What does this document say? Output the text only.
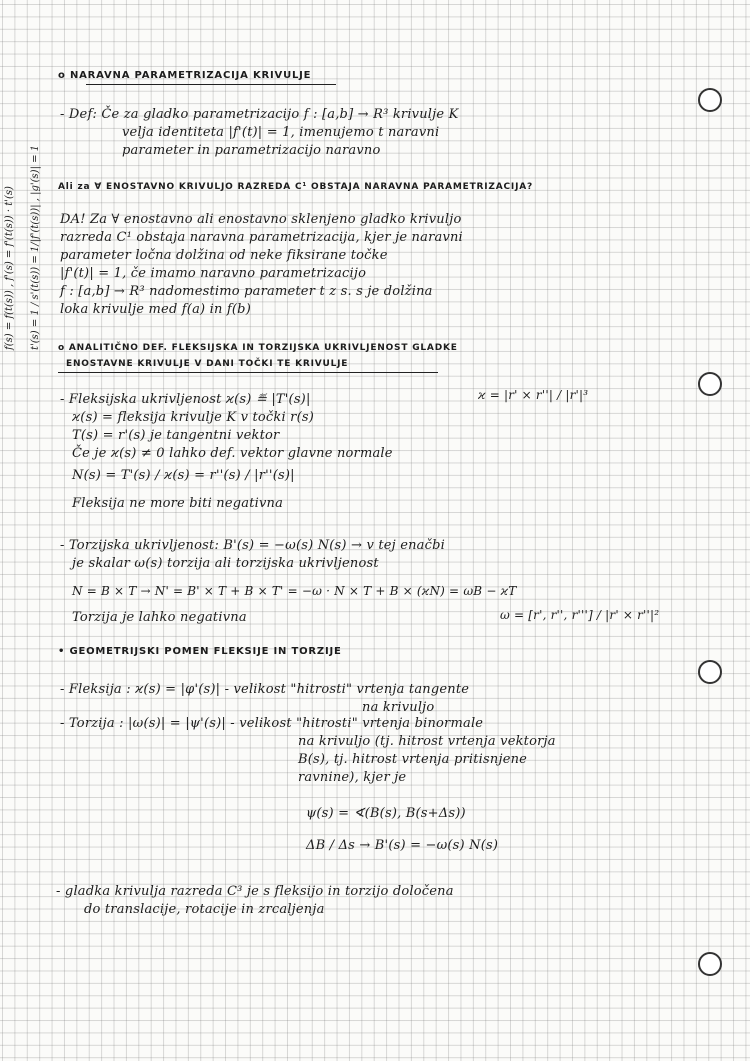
f(s) = f(t(s)) , f'(s) = f'(t(s)) · t'(s)	t'(s) = 1 / s'(t(s)) = 1/|f'(t(s))| , |g'(s)| = 1
o NARAVNA PARAMETRIZACIJA KRIVULJE
- Def: Če za gladko parametrizacijo f : [a,b] → R³ krivulje K
velja identiteta |f'(t)| = 1, imenujemo t naravni
parameter in parametrizacijo naravno
Ali za ∀ ENOSTAVNO KRIVULJO RAZREDA C¹ OBSTAJA NARAVNA PARAMETRIZACIJA?
DA! Za ∀ enostavno ali enostavno sklenjeno gladko krivuljo
razreda C¹ obstaja naravna parametrizacija, kjer je naravni
parameter ločna dolžina od neke fiksirane točke
|f'(t)| = 1, če imamo naravno parametrizacijo
f : [a,b] → R³ nadomestimo parameter t z s. s je dolžina
loka krivulje med f(a) in f(b)
o ANALITIČNO DEF. FLEKSIJSKA IN TORZIJSKA UKRIVLJENOST GLADKE
ENOSTAVNE KRIVULJE V DANI TOČKI TE KRIVULJE
- Fleksijska ukrivljenost 𝜘(s) ≝ |T'(s)|	𝜘 = |r' × r''| / |r'|³
𝜘(s) = fleksija krivulje K v točki r(s)
T(s) = r'(s) je tangentni vektor
Če je 𝜘(s) ≠ 0 lahko def. vektor glavne normale
N(s) = T'(s) / 𝜘(s) = r''(s) / |r''(s)|
Fleksija ne more biti negativna
- Torzijska ukrivljenost: B'(s) = −ω(s) N(s) → v tej enačbi
je skalar ω(s) torzija ali torzijska ukrivljenost
N = B × T → N' = B' × T + B × T' = −ω · N × T + B × (𝜘N) = ωB − 𝜘T
Torzija je lahko negativna	ω = [r', r'', r'''] / |r' × r''|²
• GEOMETRIJSKI POMEN FLEKSIJE IN TORZIJE
- Fleksija : 𝜘(s) = |φ'(s)| - velikost "hitrosti" vrtenja tangente
na krivuljo
- Torzija : |ω(s)| = |ψ'(s)| - velikost "hitrosti" vrtenja binormale
na krivuljo (tj. hitrost vrtenja vektorja
B(s), tj. hitrost vrtenja pritisnjene
ravnine), kjer je
ψ(s) = ∢(B(s), B(s+Δs))
ΔB / Δs → B'(s) = −ω(s) N(s)
- gladka krivulja razreda C³ je s fleksijo in torzijo določena
do translacije, rotacije in zrcaljenja
